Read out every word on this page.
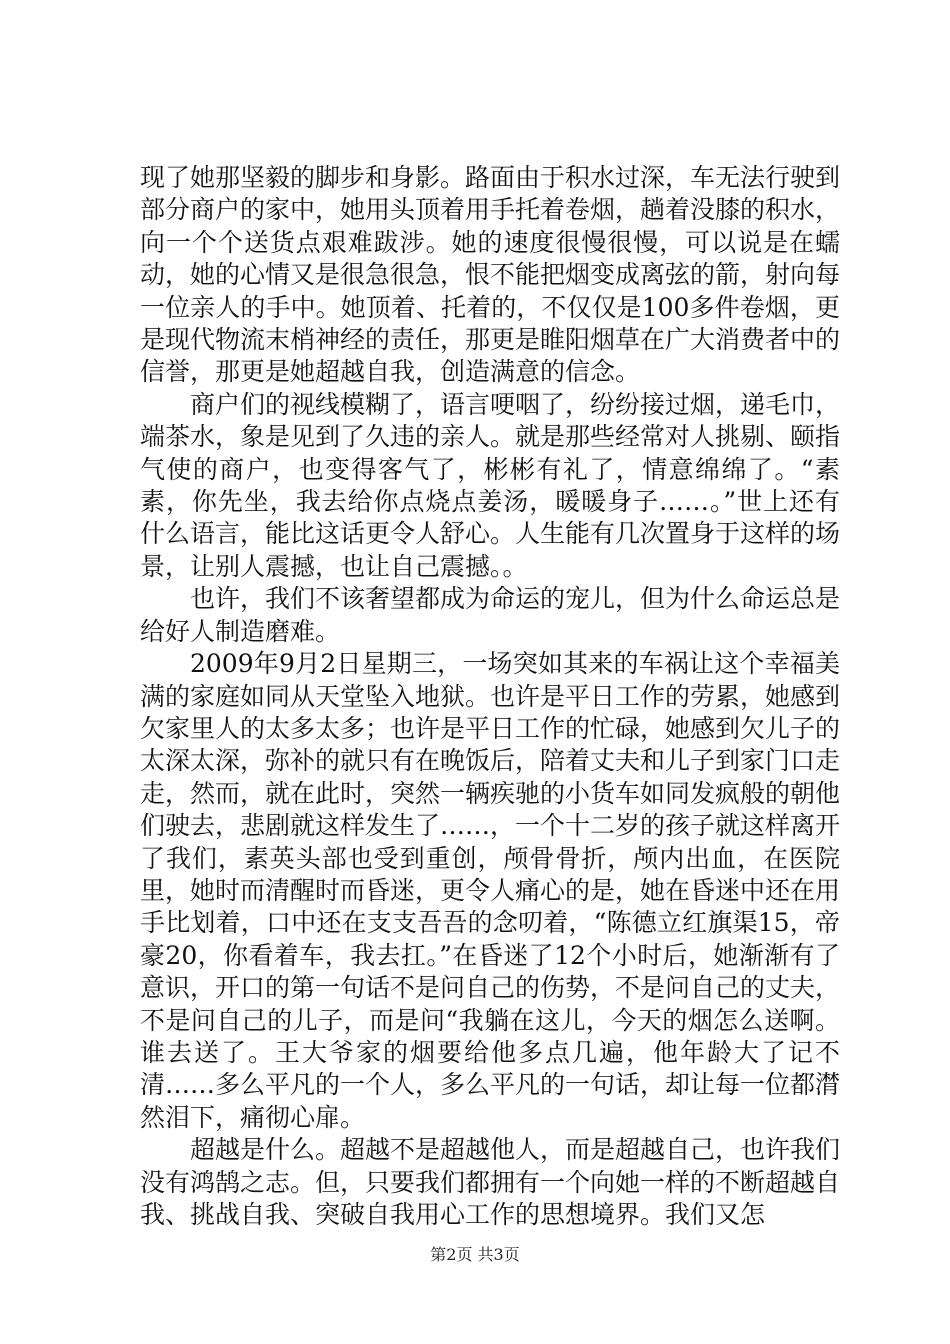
现了她那坚毅的脚步和身影。路面由于积水过深，车无法行驶到部分商户的家中，她用头顶着用手托着卷烟，趟着没膝的积水，向一个个送货点艰难跋涉。她的速度很慢很慢，可以说是在蠕动，她的心情又是很急很急，恨不能把烟变成离弦的箭，射向每一位亲人的手中。她顶着、托着的，不仅仅是100多件卷烟，更是现代物流末梢神经的责任，那更是睢阳烟草在广大消费者中的信誉，那更是她超越自我，创造满意的信念。

商户们的视线模糊了，语言哽咽了，纷纷接过烟，递毛巾，端茶水，象是见到了久违的亲人。就是那些经常对人挑剔、颐指气使的商户，也变得客气了，彬彬有礼了，情意绵绵了。“素素，你先坐，我去给你点烧点姜汤，暖暖身子……。”世上还有什么语言，能比这话更令人舒心。人生能有几次置身于这样的场景，让别人震撼，也让自己震撼。。

也许，我们不该奢望都成为命运的宠儿，但为什么命运总是给好人制造磨难。

2009年9月2日星期三，一场突如其来的车祸让这个幸福美满的家庭如同从天堂坠入地狱。也许是平日工作的劳累，她感到欠家里人的太多太多；也许是平日工作的忙碌，她感到欠儿子的太深太深，弥补的就只有在晚饭后，陪着丈夫和儿子到家门口走走，然而，就在此时，突然一辆疾驰的小货车如同发疯般的朝他们驶去，悲剧就这样发生了……，一个十二岁的孩子就这样离开了我们，素英头部也受到重创，颅骨骨折，颅内出血，在医院里，她时而清醒时而昏迷，更令人痛心的是，她在昏迷中还在用手比划着，口中还在支支吾吾的念叨着，“陈德立红旗渠15，帝豪20，你看着车，我去扛。”在昏迷了12个小时后，她渐渐有了意识，开口的第一句话不是问自己的伤势，不是问自己的丈夫，不是问自己的儿子，而是问“我躺在这儿，今天的烟怎么送啊。谁去送了。王大爷家的烟要给他多点几遍，他年龄大了记不清……多么平凡的一个人，多么平凡的一句话，却让每一位都潸然泪下，痛彻心扉。

超越是什么。超越不是超越他人，而是超越自己，也许我们没有鸿鹄之志。但，只要我们都拥有一个向她一样的不断超越自我、挑战自我、突破自我用心工作的思想境界。我们又怎

第2页 共3页
